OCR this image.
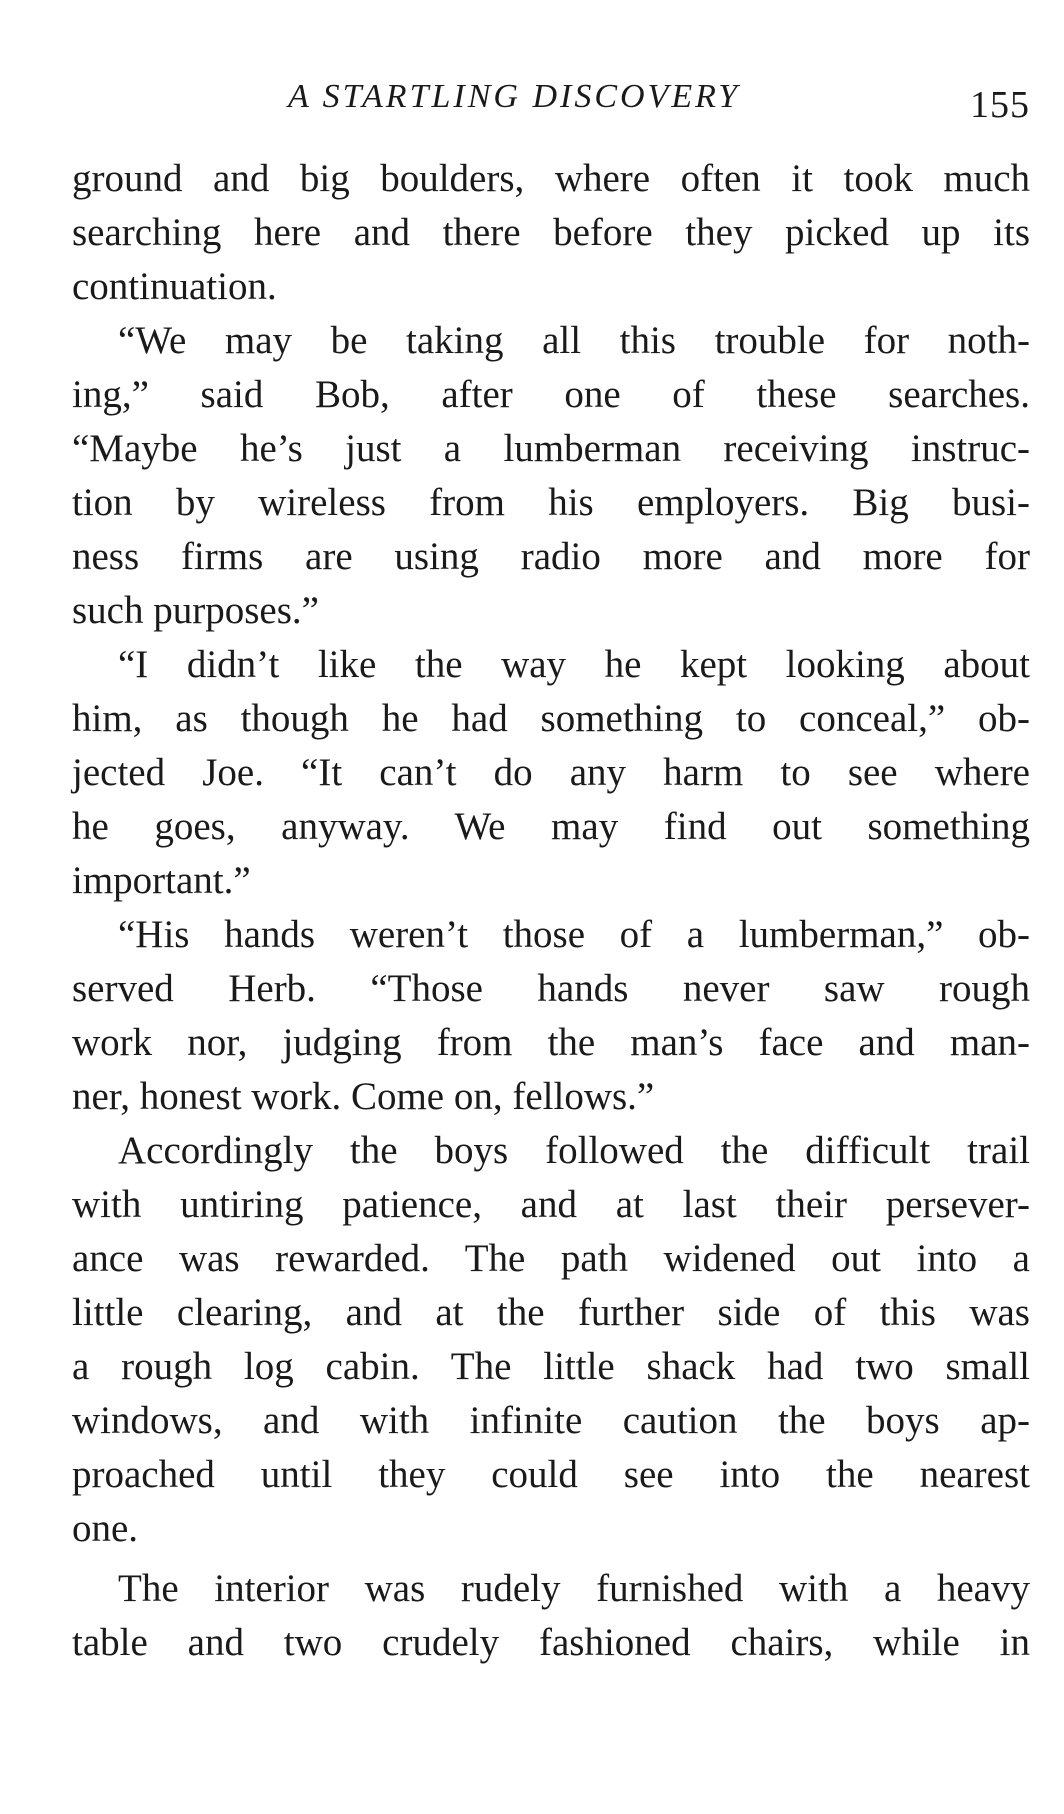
A STARTLING DISCOVERY	155
ground and big boulders, where often it took much
searching here and there before they picked up its
continuation.
“We may be taking all this trouble for noth-
ing,” said Bob, after one of these searches.
“Maybe he’s just a lumberman receiving instruc-
tion by wireless from his employers. Big busi-
ness firms are using radio more and more for
such purposes.”
“I didn’t like the way he kept looking about
him, as though he had something to conceal,” ob-
jected Joe. “It can’t do any harm to see where
he goes, anyway. We may find out something
important.”
“His hands weren’t those of a lumberman,” ob-
served Herb. “Those hands never saw rough
work nor, judging from the man’s face and man-
ner, honest work. Come on, fellows.”
Accordingly the boys followed the difficult trail
with untiring patience, and at last their persever-
ance was rewarded. The path widened out into a
little clearing, and at the further side of this was
a rough log cabin. The little shack had two small
windows, and with infinite caution the boys ap-
proached until they could see into the nearest
one.
The interior was rudely furnished with a heavy
table and two crudely fashioned chairs, while in
